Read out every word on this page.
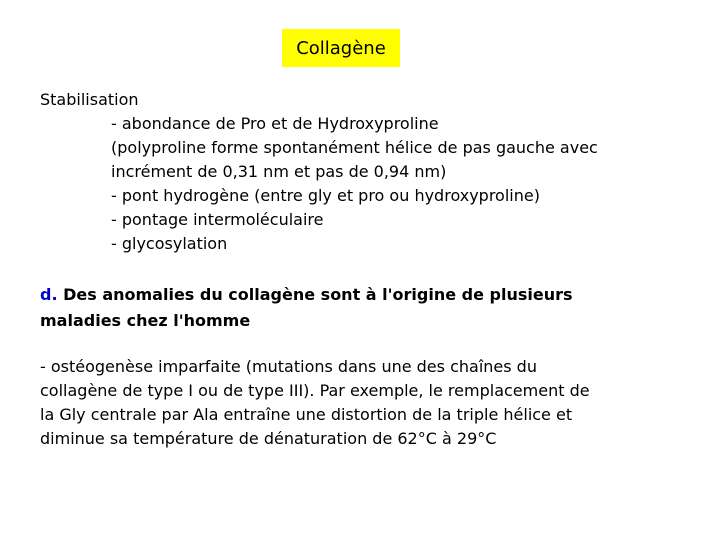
Collagène
Stabilisation
- abondance de Pro et de Hydroxyproline
(polyproline forme spontanément hélice de pas gauche avec
incrément de 0,31 nm et pas de 0,94 nm)
- pont hydrogène (entre gly et pro ou hydroxyproline)
- pontage intermoléculaire
- glycosylation
d. Des anomalies du collagène sont à l'origine de plusieurs
maladies chez l'homme
- ostéogenèse imparfaite (mutations dans une des chaînes du
collagène de type I ou de type III). Par exemple, le remplacement de
la Gly centrale par Ala entraîne une distortion de la triple hélice et
diminue sa température de dénaturation de 62°C à 29°C
